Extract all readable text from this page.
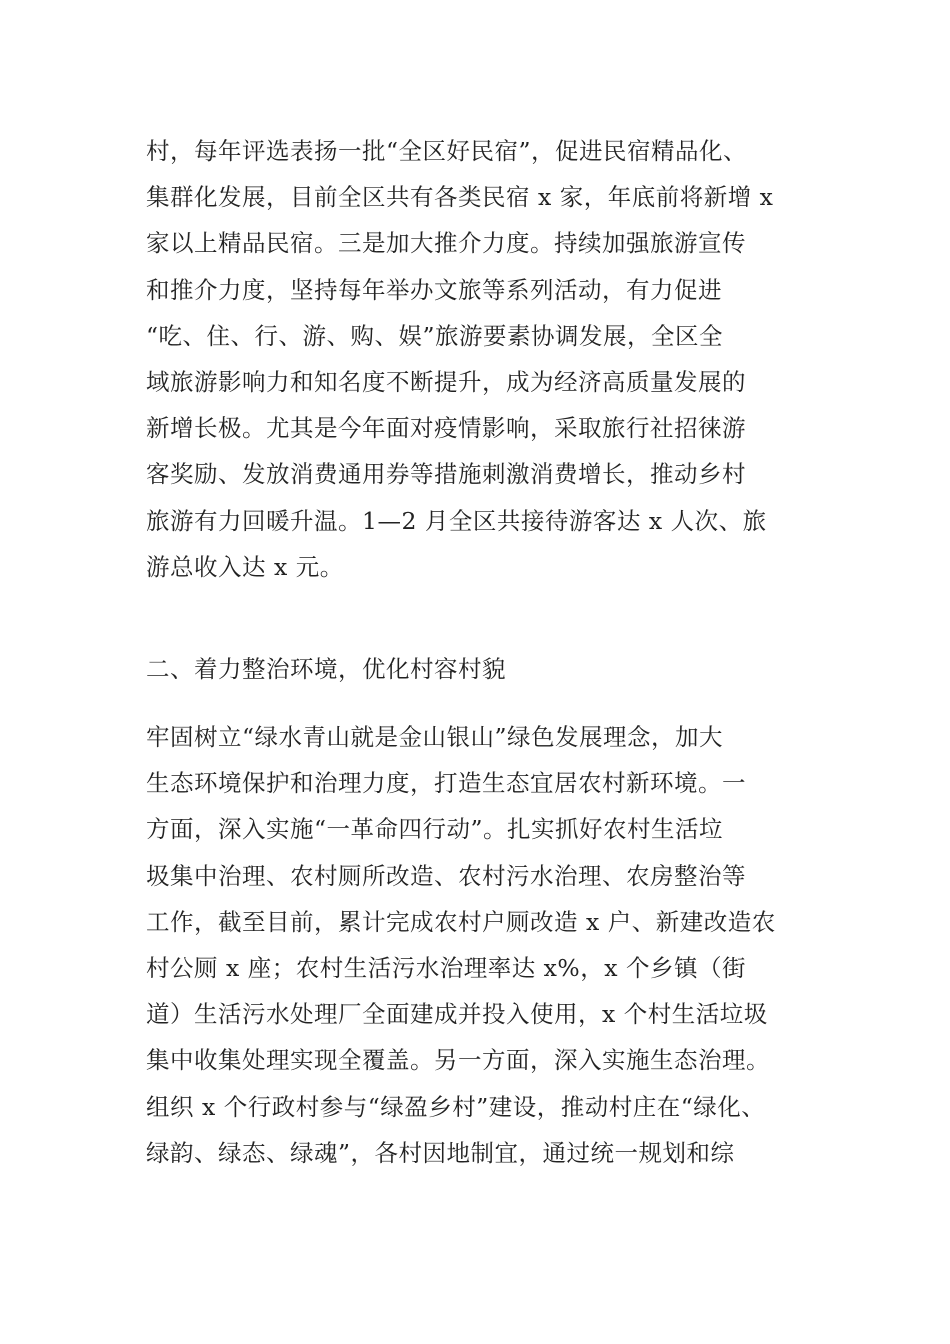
村，每年评选表扬一批“全区好民宿”，促进民宿精品化、
集群化发展，目前全区共有各类民宿 x 家，年底前将新增 x
家以上精品民宿。三是加大推介力度。持续加强旅游宣传
和推介力度，坚持每年举办文旅等系列活动，有力促进
“吃、住、行、游、购、娱”旅游要素协调发展，全区全
域旅游影响力和知名度不断提升，成为经济高质量发展的
新增长极。尤其是今年面对疫情影响，采取旅行社招徕游
客奖励、发放消费通用券等措施刺激消费增长，推动乡村
旅游有力回暖升温。1—2 月全区共接待游客达 x 人次、旅
游总收入达 x 元。
二、着力整治环境，优化村容村貌
牢固树立“绿水青山就是金山银山”绿色发展理念，加大
生态环境保护和治理力度，打造生态宜居农村新环境。一
方面，深入实施“一革命四行动”。扎实抓好农村生活垃
圾集中治理、农村厕所改造、农村污水治理、农房整治等
工作，截至目前，累计完成农村户厕改造 x 户、新建改造农
村公厕 x 座；农村生活污水治理率达 x%，x 个乡镇（街
道）生活污水处理厂全面建成并投入使用，x 个村生活垃圾
集中收集处理实现全覆盖。另一方面，深入实施生态治理。
组织 x 个行政村参与“绿盈乡村”建设，推动村庄在“绿化、
绿韵、绿态、绿魂”，各村因地制宜，通过统一规划和综
